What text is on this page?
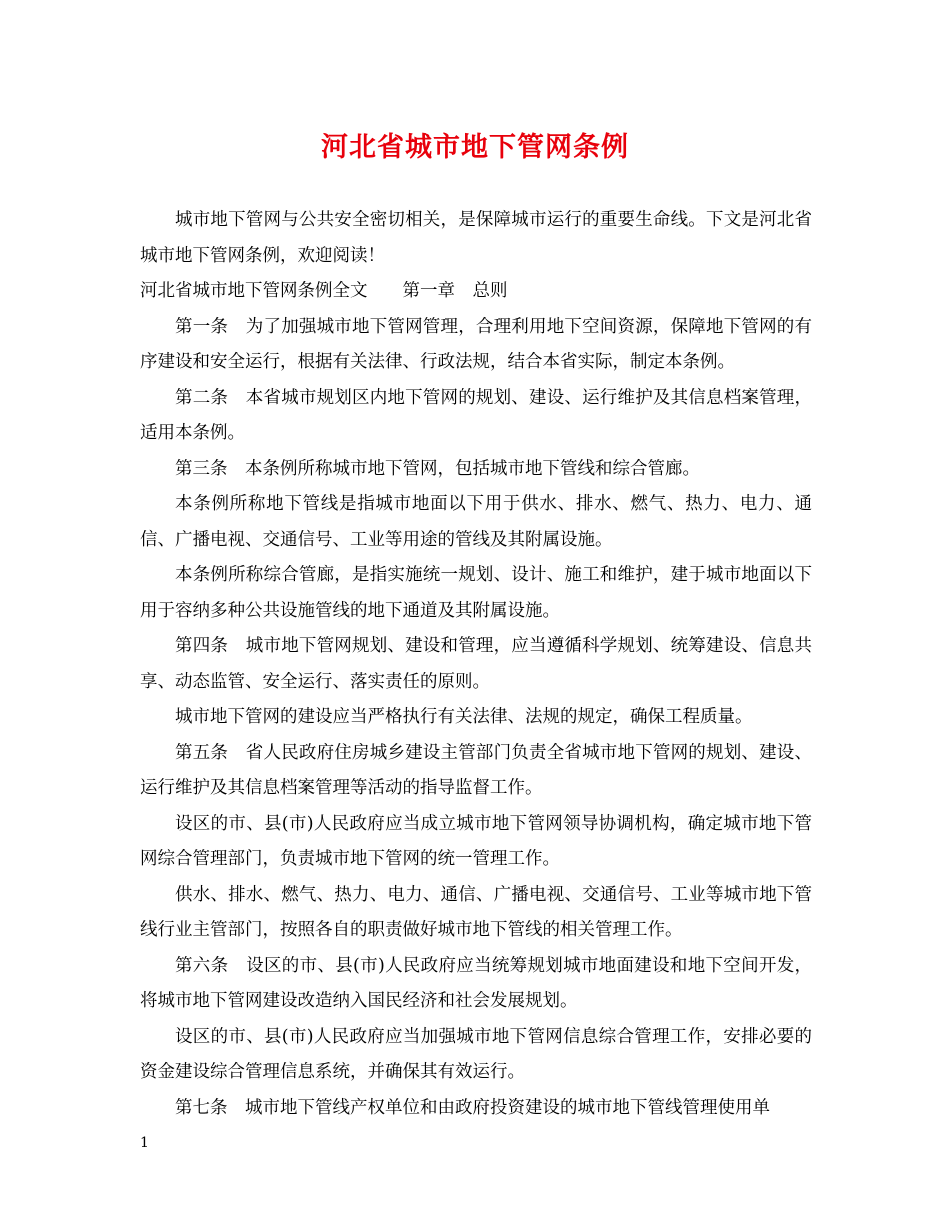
河北省城市地下管网条例

城市地下管网与公共安全密切相关，是保障城市运行的重要生命线。下文是河北省城市地下管网条例，欢迎阅读！

河北省城市地下管网条例全文　　第一章　总则

第一条　为了加强城市地下管网管理，合理利用地下空间资源，保障地下管网的有序建设和安全运行，根据有关法律、行政法规，结合本省实际，制定本条例。

第二条　本省城市规划区内地下管网的规划、建设、运行维护及其信息档案管理，适用本条例。

第三条　本条例所称城市地下管网，包括城市地下管线和综合管廊。

本条例所称地下管线是指城市地面以下用于供水、排水、燃气、热力、电力、通信、广播电视、交通信号、工业等用途的管线及其附属设施。

本条例所称综合管廊，是指实施统一规划、设计、施工和维护，建于城市地面以下用于容纳多种公共设施管线的地下通道及其附属设施。

第四条　城市地下管网规划、建设和管理，应当遵循科学规划、统筹建设、信息共享、动态监管、安全运行、落实责任的原则。

城市地下管网的建设应当严格执行有关法律、法规的规定，确保工程质量。

第五条　省人民政府住房城乡建设主管部门负责全省城市地下管网的规划、建设、运行维护及其信息档案管理等活动的指导监督工作。

设区的市、县(市)人民政府应当成立城市地下管网领导协调机构，确定城市地下管网综合管理部门，负责城市地下管网的统一管理工作。

供水、排水、燃气、热力、电力、通信、广播电视、交通信号、工业等城市地下管线行业主管部门，按照各自的职责做好城市地下管线的相关管理工作。

第六条　设区的市、县(市)人民政府应当统筹规划城市地面建设和地下空间开发，将城市地下管网建设改造纳入国民经济和社会发展规划。

设区的市、县(市)人民政府应当加强城市地下管网信息综合管理工作，安排必要的资金建设综合管理信息系统，并确保其有效运行。

第七条　城市地下管线产权单位和由政府投资建设的城市地下管线管理使用单

1
